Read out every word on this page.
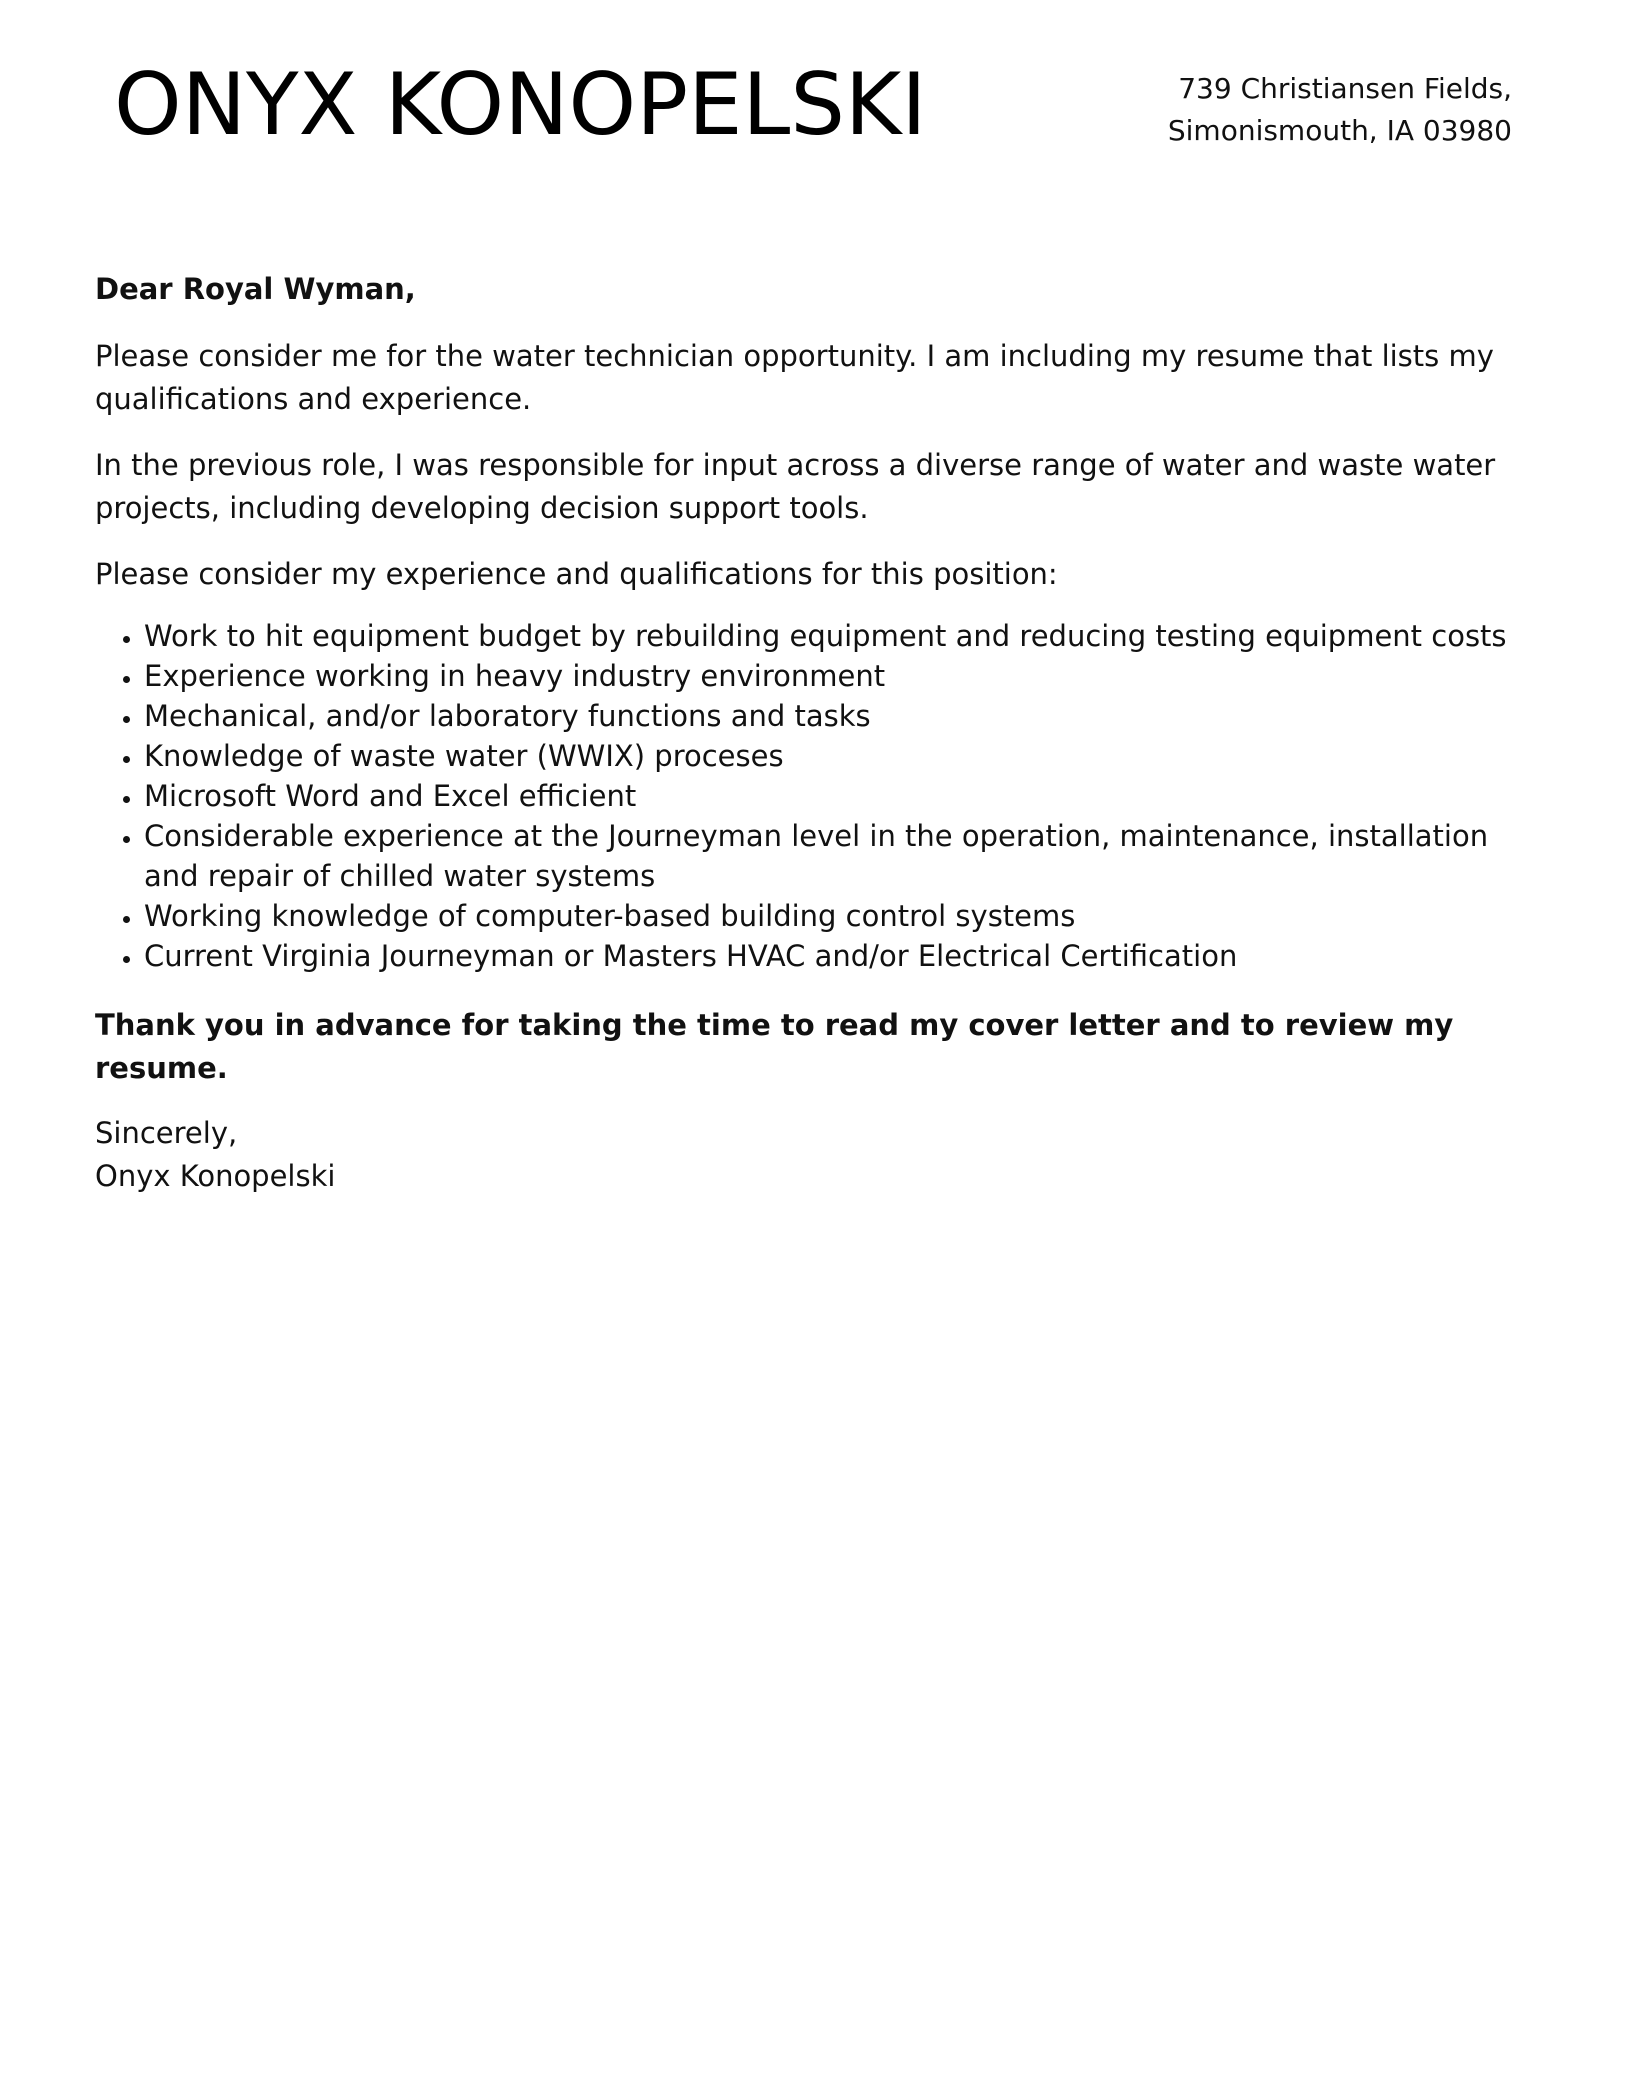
ONYX KONOPELSKI	739 Christiansen Fields,
Simonismouth, IA 03980

Dear Royal Wyman,

Please consider me for the water technician opportunity. I am including my resume that lists my qualifications and experience.

In the previous role, I was responsible for input across a diverse range of water and waste water projects, including developing decision support tools.

Please consider my experience and qualifications for this position:

• Work to hit equipment budget by rebuilding equipment and reducing testing equipment costs
• Experience working in heavy industry environment
• Mechanical, and/or laboratory functions and tasks
• Knowledge of waste water (WWIX) proceses
• Microsoft Word and Excel efficient
• Considerable experience at the Journeyman level in the operation, maintenance, installation and repair of chilled water systems
• Working knowledge of computer-based building control systems
• Current Virginia Journeyman or Masters HVAC and/or Electrical Certification

Thank you in advance for taking the time to read my cover letter and to review my resume.

Sincerely,
Onyx Konopelski
